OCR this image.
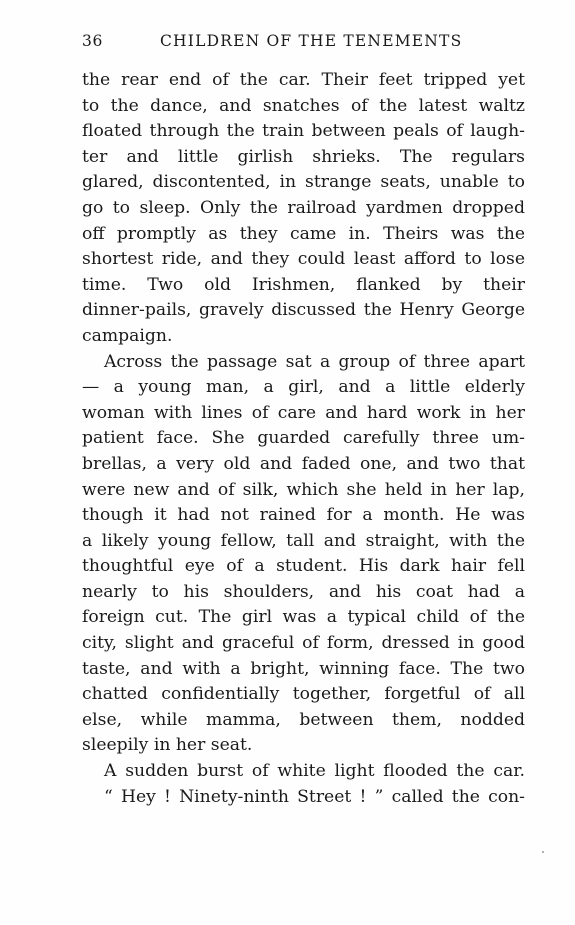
36	CHILDREN OF THE TENEMENTS
the rear end of the car. Their feet tripped yet
to the dance, and snatches of the latest waltz
floated through the train between peals of laugh-
ter and little girlish shrieks. The regulars
glared, discontented, in strange seats, unable to
go to sleep. Only the railroad yardmen dropped
off promptly as they came in. Theirs was the
shortest ride, and they could least afford to lose
time. Two old Irishmen, flanked by their
dinner-pails, gravely discussed the Henry George
campaign.
Across the passage sat a group of three apart
— a young man, a girl, and a little elderly
woman with lines of care and hard work in her
patient face. She guarded carefully three um-
brellas, a very old and faded one, and two that
were new and of silk, which she held in her lap,
though it had not rained for a month. He was
a likely young fellow, tall and straight, with the
thoughtful eye of a student. His dark hair fell
nearly to his shoulders, and his coat had a
foreign cut. The girl was a typical child of the
city, slight and graceful of form, dressed in good
taste, and with a bright, winning face. The two
chatted confidentially together, forgetful of all
else, while mamma, between them, nodded
sleepily in her seat.
A sudden burst of white light flooded the car.
“ Hey ! Ninety-ninth Street ! ” called the con-
